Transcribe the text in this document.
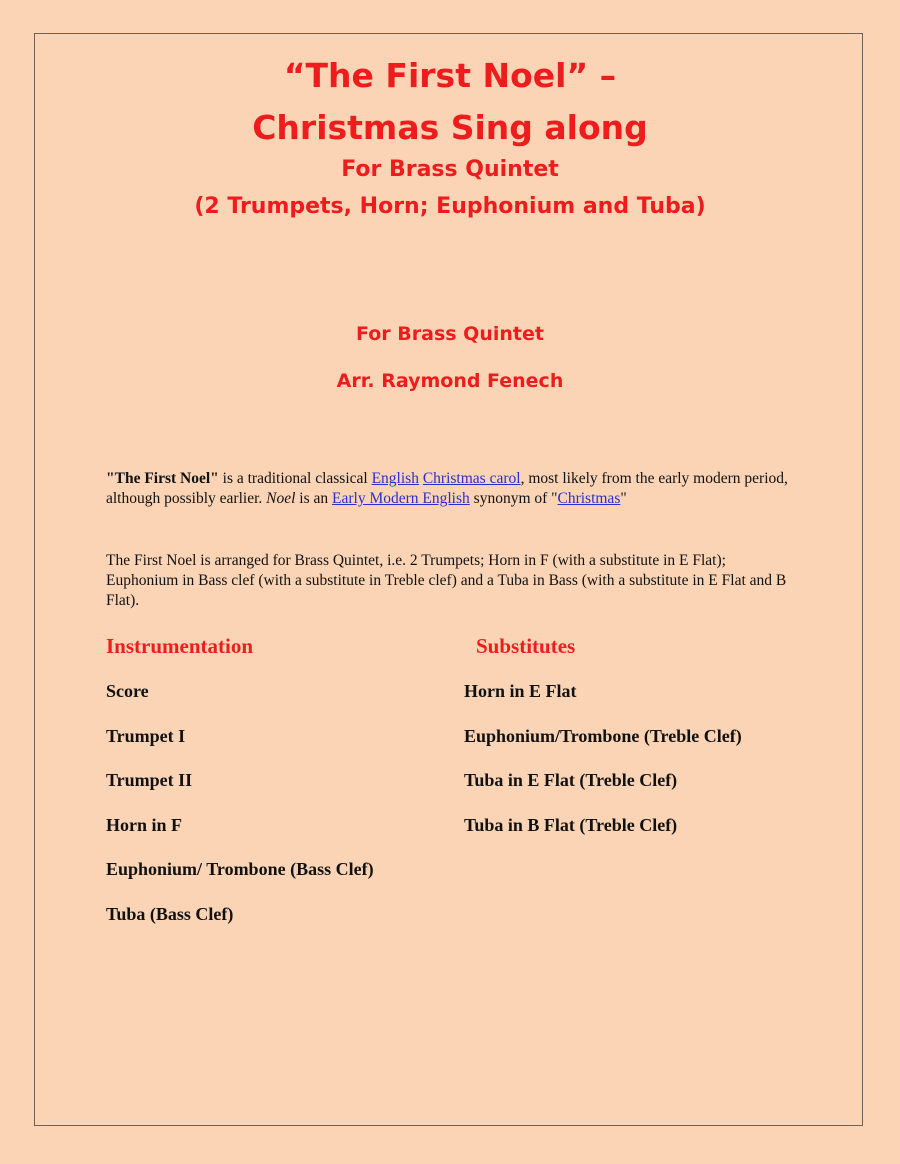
“The First Noel” –
Christmas Sing along
For Brass Quintet
(2 Trumpets, Horn; Euphonium and Tuba)
For Brass Quintet
Arr. Raymond Fenech

"The First Noel" is a traditional classical English Christmas carol, most likely from the early modern period, although possibly earlier. Noel is an Early Modern English synonym of "Christmas"

The First Noel is arranged for Brass Quintet, i.e. 2 Trumpets; Horn in F (with a substitute in E Flat); Euphonium in Bass clef (with a substitute in Treble clef) and a Tuba in Bass (with a substitute in E Flat and B Flat).

Instrumentation	Substitutes
Score
Trumpet I
Trumpet II
Horn in F
Euphonium/ Trombone (Bass Clef)
Tuba (Bass Clef)
Horn in E Flat
Euphonium/Trombone (Treble Clef)
Tuba in E Flat (Treble Clef)
Tuba in B Flat (Treble Clef)
